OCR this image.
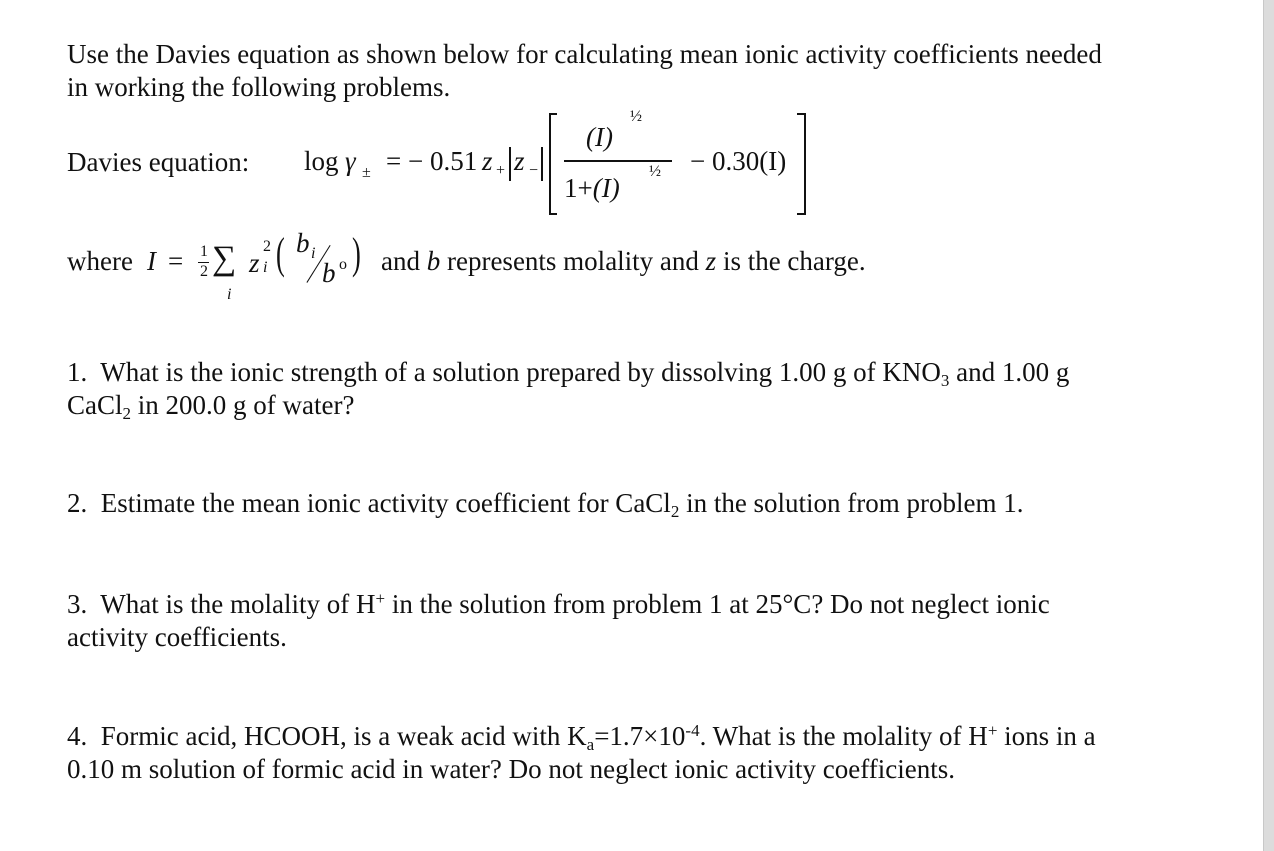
Use the Davies equation as shown below for calculating mean ionic activity coefficients needed
in working the following problems.
Davies equation: log γ ± = − 0.51 z + z −
(I)
½
1+(I)
½ − 0.30(I)
where I = 1
2 ∑
i
z
2
i ( b i
b o ) and b represents molality and z is the charge.
1. What is the ionic strength of a solution prepared by dissolving 1.00 g of $KNO_3$ and 1.00 g
CaCl$_2$ in 200.0 g of water?
2. Estimate the mean ionic activity coefficient for CaCl$_2$ in the solution from problem 1.
3. What is the molality of H+ in the solution from problem 1 at 25°C? Do not neglect ionic
activity coefficients.
4. Formic acid, HCOOH, is a weak acid with $K_a=1.7\times 10^{-4}$. What is the molality of H+ ions in a
0.10 m solution of formic acid in water? Do not neglect ionic activity coefficients.
